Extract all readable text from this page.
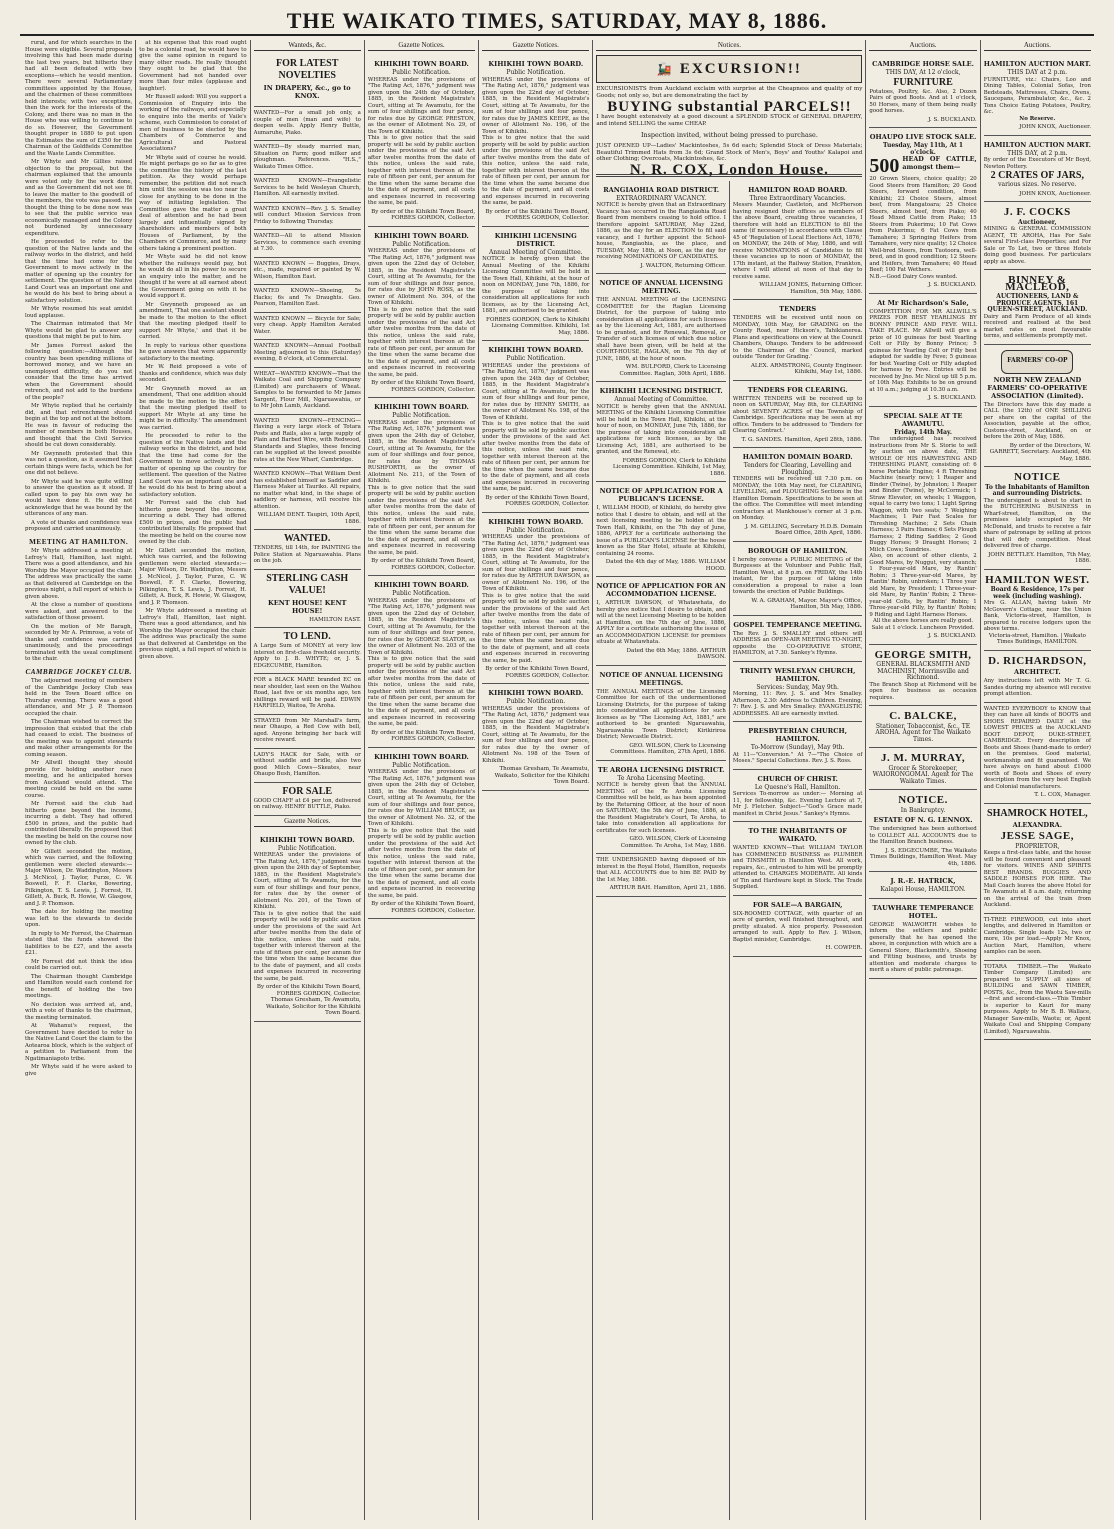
THE WAIKATO TIMES, SATURDAY, MAY 8, 1886.

rural, and for which searches in the House were eligible. Several proposals involving this had been made during the last two years, but hitherto they had all been defeated with two exceptions—which he would mention. There were several Parliamentary committees appointed by the House, and the chairmen of these committees held interests; with two exceptions, then the work for the interests of the Colony, and there was no man in the House who was willing to continue to do so. However, the Government thought proper in 1880 to put upon the Estimates the sum of £350 for the Chairman of the Goldfields Committee and the Waste Lands Committee.

Mr Whyte and Mr Gillies raised objection to the proposal, but the chairman explained that the amounts were voted only for the work done, and as the Government did not see fit to leave the matter to the goodwill of the members, the vote was passed. He thought the thing to be done now was to see that the public service was economically managed and the Colony not burdened by unnecessary expenditure.

He proceeded to refer to the question of the Native lands and the railway works in the district, and held that the time had come for the Government to move actively in the matter of opening up the country for settlement. The question of the Native Land Court was an important one and he would do his best to bring about a satisfactory solution.

Mr Whyte resumed his seat amidst loud applause.

The Chairman intimated that Mr Whyte would be glad to answer any questions that might be put to him.

Mr James Forrest asked the following question:—Although the country has been spending millions of borrowed money, and we have an unemployed difficulty, do you not consider that the time has arrived when the Government should retrench, and not add to the burdens of the people?

Mr Whyte replied that he certainly did, and that retrenchment should begin at the top and not at the bottom. He was in favour of reducing the number of members in both Houses, and thought that the Civil Service should be cut down considerably.

Mr Gwynneth protested that this was not a question, as it assumed that certain things were facts, which he for one did not believe.

Mr Whyte said he was quite willing to answer the question as it stood. If called upon to pay his own way he would have done it. He did not acknowledge that he was bound by the utterances of any man.

A vote of thanks and confidence was proposed and carried unanimously.

MEETING AT HAMILTON.

Mr Whyte addressed a meeting at Lefroy's Hall, Hamilton, last night. There was a good attendance, and his Worship the Mayor occupied the chair. The address was practically the same as that delivered at Cambridge on the previous night, a full report of which is given above.

At the close a number of questions were asked, and answered to the satisfaction of those present.

On the motion of Mr Baragh, seconded by Mr A. Primrose, a vote of thanks and confidence was carried unanimously, and the proceedings terminated with the usual compliment to the chair.

CAMBRIDGE JOCKEY CLUB.

The adjourned meeting of members of the Cambridge Jockey Club was held in the Town Board office on Thursday evening. There was a good attendance, and Mr J. P. Thomson occupied the chair.

The Chairman wished to correct the impression that existed that the club had ceased to exist. The business of the meeting was to appoint stewards and make other arrangements for the coming season.

Mr Allwill thought they should provide for holding another race meeting, and he anticipated horses from Auckland would attend. The meeting could be held on the same course.

Mr Forrest said the club had hitherto gone beyond the income, incurring a debt. They had offered £500 in prizes, and the public had contributed liberally. He proposed that the meeting be held on the course now owned by the club.

Mr Gillett seconded the motion, which was carried, and the following gentlemen were elected stewards:—Major Wilson, Dr. Waddington, Messrs J. McNicol, J. Taylor, Furze, C. W. Boswell, F. F. Clarke, Bowering, Pilkington, T. S. Lewis, J. Forrest, H. Gillett, A. Buck, R. Howie, W. Glasgow, and J. P. Thomson.

The date for holding the meeting was left to the stewards to decide upon.

In reply to Mr Forrest, the Chairman stated that the funds showed the liabilities to be £27, and the assets £21.

Mr Forrest did not think the idea could be carried out.

The Chairman thought Cambridge and Hamilton would each contend for the benefit of holding the two meetings.

No decision was arrived at, and, with a vote of thanks to the chairman, the meeting terminated.

At Wahanui's request, the Government have decided to refer to the Native Land Court the claim to the Aotearoa block, which is the subject of a petition to Parliament from the Ngatimaniapoto tribe.

Mr Whyte said if he were asked to give

at his expense that this road ought to be a colonial road, he would have to give the same opinion in regard to many other roads. He really thought they ought to be glad that the Government had not handed over more than four miles (applause and laughter).

Mr Russell asked: Will you support a Commission of Enquiry into the working of the railways, and especially to enquire into the merits of Vaile's scheme, such Commission to consist of men of business to be elected by the Chambers of Commerce and Agricultural and Pastoral Associations?

Mr Whyte said of course he would. He might perhaps go so far as to give the committee the history of the last petition. As they would perhaps remember, the petition did not reach him until the session was too near its close for anything to be done in the way of initiating legislation. The Committee gave the matter a great deal of attention and he had been largely and influentially signed by shareholders and members of both Houses of Parliament, by the Chambers of Commerce, and by many others taking a prominent position.

Mr Whyte said he did not know whether the railways would pay, but he would do all in his power to secure an enquiry into the matter, and he thought if he were at all earnest about the Government going on with it he would support it.

Mr Gwynneth proposed as an amendment, 'That one assistant should be made to the motion to the effect that the meeting pledged itself to support Mr Whyte,' and that it be carried.

In reply to various other questions he gave answers that were apparently satisfactory to the meeting.

Mr W. Reid proposed a vote of thanks and confidence, which was duly seconded.

Mr Gwynneth moved as an amendment, 'That one addition should be made to the motion to the effect that the meeting pledged itself to support Mr Whyte at any time he might be in difficulty.' The amendment was carried.

He proceeded to refer to the question of the Native lands and the railway works in the district, and held that the time had come for the Government to move actively in the matter of opening up the country for settlement. The question of the Native Land Court was an important one and he would do his best to bring about a satisfactory solution.

Mr Forrest said the club had hitherto gone beyond the income, incurring a debt. They had offered £500 in prizes, and the public had contributed liberally. He proposed that the meeting be held on the course now owned by the club.

Mr Gillett seconded the motion, which was carried, and the following gentlemen were elected stewards:—Major Wilson, Dr. Waddington, Messrs J. McNicol, J. Taylor, Furze, C. W. Boswell, F. F. Clarke, Bowering, Pilkington, T. S. Lewis, J. Forrest, H. Gillett, A. Buck, R. Howie, W. Glasgow, and J. P. Thomson.

Mr Whyte addressed a meeting at Lefroy's Hall, Hamilton, last night. There was a good attendance, and his Worship the Mayor occupied the chair. The address was practically the same as that delivered at Cambridge on the previous night, a full report of which is given above.

Wanteds, &c.
FOR LATEST NOVELTIES
IN DRAPERY, &c., go to KNOX.
WANTED—For a small job only, a couple of men (man and wife) to deepen wells. Apply Henry Buttle, Aumaruhe, Piako.
WANTED—By steady married man, Situation on Farm; good milker and ploughman. References. "H.S.," Waikato Times Office.
WANTED KNOWN—Evangelistic Services to be held Wesleyan Church, Hamilton. All earnestly invited.
WANTED KNOWN—Rev. J. S. Smalley will conduct Mission Services from Friday to following Thursday.
WANTED—All to attend Mission Services, to commence each evening at 7.30.
WANTED KNOWN — Buggies, Drays, etc., made, repaired or painted by W. Wilson, Hamilton East.
WANTED KNOWN—Shoeing, 5s Hacks; 6s and 7s Draughts. Geo. Pearson, Hamilton East.
WANTED KNOWN — Bicycle for Sale; very cheap. Apply Hamilton Aerated Water.
WANTED KNOWN—Annual Football Meeting adjourned to this (Saturday) evening, 8 o'clock, at Commercial.
WHEAT—WANTED KNOWN—That the Waikato Coal and Shipping Company (Limited) are purchasers of Wheat. Samples to be forwarded to Mr James Sargent, Flour Mill, Ngaruawahia, or to Mr John Lamb, Auckland.
WANTED KNOWN—FENCING—Having a very large stock of Totara Posts and Rails, also a large supply of Plain and Barbed Wire, with Redwood, Standards and Staples, these fencing can be supplied at the lowest possible rates at the New Wharf, Cambridge.
WANTED KNOWN—That William Dent has established himself as Saddler and Harness Maker at Tauriko. All repairs, no matter what kind, in the shape of saddlery or harness, will receive his attention.
WILLIAM DENT. Taupiri, 10th April, 1886.
WANTED.
TENDERS, till 14th, for PAINTING the Police Station at Ngaruawahia. Plans on the job.
STERLING CASH VALUE!
KENT HOUSE! KENT HOUSE!
HAMILTON EAST.
TO LEND.
A Large Sum of MONEY at very low interest on first-class freehold security. Apply to J. B. WHYTE; or, J. S. EDGECUMBE, Hamilton.
FOR a BLACK MARE branded EC on near shoulder, last seen on the Waihou Road, last five or six months ago, ten shillings reward will be paid. EDWIN HARFIELD, Waitoa, Te Aroha.
STRAYED from Mr Marshall's farm, near Ohaupo, a Red Cow with bell, aged. Anyone bringing her back will receive reward.
LADY'S HACK for Sale, with or without saddle and bridle, also two good Milch Cows—Skeates, near Ohaupo Bush, Hamilton.
FOR SALE
GOOD CHAFF at £4 per ton, delivered on railway. HENRY BUTTLE, Piako.
Gazette Notices.
KIHIKIHI TOWN BOARD.
Public Notification.
WHEREAS under the provisions of "The Rating Act, 1876," judgment was given upon the 24th day of September, 1885, in the Resident Magistrate's Court, sitting at Te Awamutu, for the sum of four shillings and four pence, for rates due by the owner of allotment No. 201, of the Town of Kihikihi.
This is to give notice that the said property will be sold by public auction under the provisions of the said Act after twelve months from the date of this notice, unless the said rate, together with interest thereon at the rate of fifteen per cent, per annum for the time when the same became due to the date of payment, and all costs and expenses incurred in recovering the same, be paid.
By order of the Kihikihi Town Board, FORBES GORDON, Collector. Thomas Gresham, Te Awamutu, Waikato, Solicitor for the Kihikihi Town Board.
Gazette Notices.
KIHIKIHI TOWN BOARD.
Public Notification.
WHEREAS under the provisions of "The Rating Act, 1876," judgment was given upon the 24th day of October, 1885, in the Resident Magistrate's Court, sitting at Te Awamutu, for the sum of four shillings and four pence, for rates due by GEORGE PRESTON, as the owner of Allotment No. 29, of the Town of Kihikihi.
This is to give notice that the said property will be sold by public auction under the provisions of the said Act after twelve months from the date of this notice, unless the said rate, together with interest thereon at the rate of fifteen per cent, per annum for the time when the same became due to the date of payment, and all costs and expenses incurred in recovering the same, be paid.
By order of the Kihikihi Town Board, FORBES GORDON, Collector.
KIHIKIHI TOWN BOARD.
Public Notification.
WHEREAS under the provisions of "The Rating Act, 1876," judgment was given upon the 22nd day of October, 1885, in the Resident Magistrate's Court, sitting at Te Awamutu, for the sum of four shillings and four pence, for rates due by JOHN ROSS, as the owner of Allotment No. 304, of the Town of Kihikihi.
This is to give notice that the said property will be sold by public auction under the provisions of the said Act after twelve months from the date of this notice, unless the said rate, together with interest thereon at the rate of fifteen per cent, per annum for the time when the same became due to the date of payment, and all costs and expenses incurred in recovering the same, be paid.
By order of the Kihikihi Town Board, FORBES GORDON, Collector.
KIHIKIHI TOWN BOARD.
Public Notification.
WHEREAS under the provisions of "The Rating Act, 1876," judgment was given upon the 24th day of October, 1885, in the Resident Magistrate's Court, sitting at Te Awamutu, for the sum of four shillings and four pence, for rates due by THOMAS RUSHFORTH, as the owner of Allotment No. 211, of the Town of Kihikihi.
This is to give notice that the said property will be sold by public auction under the provisions of the said Act after twelve months from the date of this notice, unless the said rate, together with interest thereon at the rate of fifteen per cent, per annum for the time when the same became due to the date of payment, and all costs and expenses incurred in recovering the same, be paid.
By order of the Kihikihi Town Board, FORBES GORDON, Collector.
KIHIKIHI TOWN BOARD.
Public Notification.
WHEREAS under the provisions of "The Rating Act, 1876," judgment was given upon the 22nd day of October, 1885, in the Resident Magistrate's Court, sitting at Te Awamutu, for the sum of four shillings and four pence, for rates due by GEORGE SLATOR, as the owner of Allotment No. 203 of the Town of Kihikihi.
This is to give notice that the said property will be sold by public auction under the provisions of the said Act after twelve months from the date of this notice, unless the said rate, together with interest thereon at the rate of fifteen per cent, per annum for the time when the same became due to the date of payment, and all costs and expenses incurred in recovering the same, be paid.
By order of the Kihikihi Town Board, FORBES GORDON, Collector.
KIHIKIHI TOWN BOARD.
Public Notification.
WHEREAS under the provisions of "The Rating Act, 1876," judgment was given upon the 24th day of October, 1885, in the Resident Magistrate's Court, sitting at Te Awamutu, for the sum of four shillings and four pence, for rates due by WILLIAM BRUCE, as the owner of Allotment No. 32, of the Town of Kihikihi.
This is to give notice that the said property will be sold by public auction under the provisions of the said Act after twelve months from the date of this notice, unless the said rate, together with interest thereon at the rate of fifteen per cent, per annum for the time when the same became due to the date of payment, and all costs and expenses incurred in recovering the same, be paid.
By order of the Kihikihi Town Board, FORBES GORDON, Collector.
Gazette Notices.
KIHIKIHI TOWN BOARD.
Public Notification.
WHEREAS under the provisions of "The Rating Act, 1876," judgment was given upon the 22nd day of October, 1885, in the Resident Magistrate's Court, sitting at Te Awamutu, for the sum of four shillings and four pence, for rates due by JAMES KEEPE, as the owner of Allotment No. 196, of the Town of Kihikihi.
This is to give notice that the said property will be sold by public auction under the provisions of the said Act after twelve months from the date of this notice, unless the said rate, together with interest thereon at the rate of fifteen per cent, per annum for the time when the same became due to the date of payment, and all costs and expenses incurred in recovering the same, be paid.
By order of the Kihikihi Town Board, FORBES GORDON, Collector.
KIHIKIHI LICENSING DISTRICT.
Annual Meeting of Committee.
NOTICE is hereby given that the Annual Meeting of the Kihikihi Licensing Committee will be held in the Town Hall, Kihikihi, at the hour of noon on MONDAY, June 7th, 1886, for the purpose of taking into consideration all applications for such licenses, as by the Licensing Act, 1881, are authorised to be granted.
FORBES GORDON, Clerk to Kihikihi Licensing Committee. Kihikihi, 1st May, 1886.
KIHIKIHI TOWN BOARD.
Public Notification.
WHEREAS under the provisions of "The Rating Act, 1876," judgment was given upon the 24th day of October, 1885, in the Resident Magistrate's Court, sitting at Te Awamutu, for the sum of four shillings and four pence, for rates due by HENRY SMITH, as the owner of Allotment No. 198, of the Town of Kihikihi.
This is to give notice that the said property will be sold by public auction under the provisions of the said Act after twelve months from the date of this notice, unless the said rate, together with interest thereon at the rate of fifteen per cent, per annum for the time when the same became due to the date of payment, and all costs and expenses incurred in recovering the same, be paid.
By order of the Kihikihi Town Board, FORBES GORDON, Collector.
KIHIKIHI TOWN BOARD.
Public Notification.
WHEREAS under the provisions of "The Rating Act, 1876," judgment was given upon the 22nd day of October, 1885, in the Resident Magistrate's Court, sitting at Te Awamutu, for the sum of four shillings and four pence, for rates due by ARTHUR DAWSON, as owner of Allotment No. 196, of the Town of Kihikihi.
This is to give notice that the said property will be sold by public auction under the provisions of the said Act after twelve months from the date of this notice, unless the said rate, together with interest thereon at the rate of fifteen per cent, per annum for the time when the same became due to the date of payment, and all costs and expenses incurred in recovering the same, be paid.
By order of the Kihikihi Town Board, FORBES GORDON, Collector.
KIHIKIHI TOWN BOARD.
Public Notification.
WHEREAS under the provisions of "The Rating Act, 1876," judgment was given upon the 22nd day of October, 1885, in the Resident Magistrate's Court, sitting at Te Awamutu, for the sum of four shillings and four pence, for rates due by the owner of Allotment No. 198 of the Town of Kihikihi.
Thomas Gresham, Te Awamutu, Waikato, Solicitor for the Kihikihi Town Board.
Notices.
🚂 EXCURSION!!
EXCURSIONISTS from Auckland exclaim with surprise at the Cheapness and quality of my Goods; not only so, but are demonstrating the fact by
BUYING substantial PARCELS!!
I have bought extensively at a good discount a SPLENDID STOCK of GENERAL DRAPERY, and intend SELLING the same CHEAP.
Inspection invited, without being pressed to purchase.
JUST OPENED UP—Ladies' Mackintoshes, 5s 6d each; Splendid Stock of Dress Materials; Beautiful Trimmed Hats from 3s 6d; Grand Stock of Men's, Boys' and Youths' Kalapoi and other Clothing; Overcoats, Mackintoshes, &c.
N. R. COX, London House.
RANGIAOHIA ROAD DISTRICT.
EXTRAORDINARY VACANCY.
NOTICE is hereby given that an Extraordinary Vacancy has occurred in the Rangiaohia Road Board from members ceasing to hold office. I therefore appoint SATURDAY, May 22nd, 1886, as the day for an ELECTION to fill said vacancy, and I further appoint the School-house, Rangiaohia, as the place, and TUESDAY, May 18th, at Noon, as the day for receiving NOMINATIONS OF CANDIDATES.
J. WALTON, Returning Officer.
NOTICE OF ANNUAL LICENSING MEETING.
THE ANNUAL MEETING of the LICENSING COMMITTEE for the Raglan Licensing District, for the purpose of taking into consideration all applications for such licenses as by the Licensing Act, 1881, are authorised to be granted, and for Renewal, Removal, or Transfer of such licenses of which due notice shall have been given, will be held at the COURT-HOUSE, RAGLAN, on the 7th day of JUNE, 1886, at the hour of noon.
WM. BULFORD, Clerk to Licensing Committee. Raglan, 30th April, 1886.
KIHIKIHI LICENSING DISTRICT.
Annual Meeting of Committee.
NOTICE is hereby given that the ANNUAL MEETING of the Kihikihi Licensing Committee will be held in the Town Hall, Kihikihi, at the hour of noon, on MONDAY, June 7th, 1886, for the purpose of taking into consideration all applications for such licenses, as by the Licensing Act, 1881, are authorised to be granted, and the Renewal, etc.
FORBES GORDON, Clerk to Kihikihi Licensing Committee. Kihikihi, 1st May, 1886.
NOTICE OF APPLICATION FOR A PUBLICAN'S LICENSE.
I, WILLIAM HOOD, of Kihikihi, do hereby give notice that I desire to obtain, and will at the next licensing meeting to be holden at the Town Hall, Kihikihi, on the 7th day of June, 1886, APPLY for a certificate authorising the issue of a PUBLICAN'S LICENSE for the house known as the Star Hotel, situate at Kihikihi, containing 24 rooms.
Dated the 4th day of May, 1886. WILLIAM HOOD.
NOTICE OF APPLICATION FOR AN ACCOMMODATION LICENSE.
I, ARTHUR DAWSON, of Whatawhata, do hereby give notice that I desire to obtain, and will at the next Licensing Meeting to be holden at Hamilton, on the 7th day of June, 1886, APPLY for a certificate authorising the issue of an ACCOMMODATION LICENSE for premises situate at Whatawhata.
Dated the 6th May, 1886. ARTHUR DAWSON.
NOTICE OF ANNUAL LICENSING MEETINGS.
THE ANNUAL MEETINGS of the Licensing Committee for each of the undermentioned Licensing Districts, for the purpose of taking into consideration all applications for such licenses as by "The Licensing Act, 1881," are authorised to be granted: Ngaruawahia, Ngaruawahia Town District; Kirikiriroa District; Newcastle District.
GEO. WILSON, Clerk to Licensing Committees. Hamilton, 27th April, 1886.
TE AROHA LICENSING DISTRICT.
Te Aroha Licensing Meeting.
NOTICE is hereby given that the ANNUAL MEETING of the Te Aroha Licensing Committee will be held, as has been appointed by the Returning Officer, at the hour of noon on SATURDAY, the 5th day of June, 1886, at the Resident Magistrate's Court, Te Aroha, to take into consideration all applications for certificates for such licenses.
GEO. WILSON, Clerk of Licensing Committee. Te Aroha, 1st May, 1886.
THE UNDERSIGNED having disposed of his interest in the Royal Hotel, Hamilton, requests that ALL ACCOUNTS due to him BE PAID by the 1st May, 1886.
ARTHUR BAH. Hamilton, April 21, 1886.
HAMILTON ROAD BOARD.
Three Extraordinary Vacancies.
Messrs Maunder, Castleton, and McPherson having resigned their offices as members of the above Board, creating three vacancies, I therefore will hold an ELECTION to fill the same (if necessary) in accordance with Clause 45 of 'Regulation of Local Elections Act, 1876,' on MONDAY, the 24th of May, 1886, and will receive NOMINATIONS of Candidates to fill these vacancies up to noon of MONDAY, the 17th instant, at the Railway Station, Frankton, where I will attend at noon of that day to receive same.
WILLIAM JONES, Returning Officer. Hamilton, 5th May, 1886.
TENDERS
TENDERS will be received until noon on MONDAY, 10th May, for GRADING on the County Road, near Hickson's, Tahikianerea. Plans and specifications on view at the Council Chambers, Ohaupo. Tenders to be addressed to the Chairman of the Council, marked outside 'Tender for Grading.'
ALEX. ARMSTRONG, County Engineer. Kihikihi, May 1st, 1886.
TENDERS FOR CLEARING.
WRITTEN TENDERS will be received up to noon on SATURDAY, May 8th, for CLEARING about SEVENTY ACRES of the Township of Cambridge. Specifications may be seen at my office. Tenders to be addressed to 'Tenders for Clearing Contract.'
T. G. SANDES. Hamilton, April 28th, 1886.
HAMILTON DOMAIN BOARD.
Tenders for Clearing, Levelling and Ploughing.
TENDERS will be received till 7.30 p.m. on MONDAY, the 10th May next, for CLEARING, LEVELLING, and PLOUGHING Sections in the Hamilton Domain. Specifications to be seen at the office. The Committee will meet intending contractors at Mankhouse's corner at 3 p.m. on Monday.
J. M. GELLING, Secretary H.D.B. Domain Board Office, 28th April, 1886.
BOROUGH OF HAMILTON.
I hereby convene a PUBLIC MEETING of the Burgesses at the Volunteer and Public Hall, Hamilton West, at 8 p.m. on FRIDAY, the 14th instant, for the purpose of taking into consideration a proposal to raise a loan towards the erection of Public Buildings.
W. A. GRAHAM, Mayor. Mayor's Office, Hamilton, 5th May, 1886.
GOSPEL TEMPERANCE MEETING.
The Rev. J. S. SMALLEY and others will ADDRESS an OPEN-AIR MEETING TO-NIGHT, opposite the CO-OPERATIVE STORE, HAMILTON, at 7.30. Sankey's Hymns.
TRINITY WESLEYAN CHURCH, HAMILTON.
Services: Sunday, May 9th.
Morning, 11: Rev. J. S. and Mrs Smalley. Afternoon, 2.30: Address to Children. Evening, 7: Rev. J. S. and Mrs Smalley. EVANGELISTIC ADDRESSES. All are earnestly invited.
PRESBYTERIAN CHURCH, HAMILTON.
To-Morrow (Sunday), May 9th.
At 11—"Conversion." At 7—"The Choice of Moses." Special Collections. Rev. J. S. Ross.
CHURCH OF CHRIST.
Le Quesne's Hall, Hamilton.
Services To-morrow as under:— Morning at 11, for fellowship, &c. Evening Lecture at 7, Mr J. Fletcher. Subject—"God's Grace made manifest in Christ Jesus." Sankey's Hymns.
TO THE INHABITANTS OF WAIKATO.
WANTED KNOWN—That WILLIAM TAYLOR has COMMENCED BUSINESS as PLUMBER and TINSMITH in Hamilton West. All work, repairs, &c., entrusted to him will be promptly attended to. CHARGES MODERATE. All kinds of Tin and Hardware kept in Stock. The Trade Supplied.
FOR SALE—A BARGAIN,
SIX-ROOMED COTTAGE, with quarter of an acre of garden, well finished throughout, and pretty situated. A nice property. Possession arranged to suit. Apply to Rev. J. Wilson, Baptist minister, Cambridge.
H. COWPER.
Auctions.
CAMBRIDGE HORSE SALE.
THIS DAY, At 12 o'clock,
FURNITURE
Potatoes, Poultry, &c. Also, 2 Dozen Pairs of good Boots. And at 1 o'clock, 50 Horses, many of them being really good horses.
J. S. BUCKLAND.
OHAUPO LIVE STOCK SALE.
Tuesday, May 11th, At 1 o'clock.
500 HEAD OF CATTLE, amongst them—
20 Grown Steers, choice quality; 20 Good Steers from Hamilton; 20 Good Steers, forward condition, from Kihikihi; 23 Choice Steers, almost beef, from Mangatoara; 25 Choice Steers, almost beef, from Piako; 40 Head Mixed Cattle from Piako; 15 Steers from Pukerimu; 10 Fat Cows from Pukerimu; 6 Fat Cows from Tamahere; 3 Springing Heifers from Tamahere, very nice quality; 12 Choice Well-bred Steers, from Tuotoora, well-bred, and in good condition; 12 Steers and Heifers, from Tamahere; 40 Head Beef; 100 Fat Wethers.
N.B.—Good Dairy Cows wanted.
J. S. BUCKLAND.
At Mr Richardson's Sale,
COMPETITION FOR MR ALLWILL'S PRIZES FOR BEST YEARLINGS BY BONNY PRINCE AND FEVE WILL TAKE PLACE. Mr Allwill will give a prize of 10 guineas for best Yearling Colt or Filly by Bonny Prince; 5 guineas for Yearling Colt or Filly best adapted for saddle by Feve; 5 guineas for best Yearling Colt or Filly adapted for harness by Feve. Entries will be received by Jno. Mc Nicol up till 5 p.m. of 10th May. Exhibits to be on ground at 10 a.m.; judging at 10.30 a.m.
J. S. BUCKLAND.
SPECIAL SALE AT TE AWAMUTU.
Friday, 14th May.
The undersigned has received instructions from Mr S. Storie to sell by auction on above date, THE WHOLE OF HIS HARVESTING AND THRESHING PLANT, consisting of: 6 horse Portable Engine; 4 ft Threshing Machine (nearly new); 1 Reaper and Binder (Twine), by Johnston; 1 Reaper and Binder (Twine), by McCormick; 1 Straw Elevator, on wheels; 1 Waggon, equal to carry two tons; 1 Light Spring Waggon, with two seats; 7 Weighing Machines; 1 Pair Fast Scales for Threshing Machine; 2 Sets Chain Harness; 3 Pairs Hames; 6 Sets Plough Harness; 2 Riding Saddles; 2 Good Buggy Horses; 9 Draught Horses; 2 Milch Cows; Sundries.
Also, on account of other clients, 2 Good Mares, by Nuggut, very staunch; 1 Four-year-old Mare, by Rantin' Robin; 3 Three-year-old Mares, by Rantin' Robin, unbroken; 1 Three year old Mare, by President; 1 Three-year-old Mare, by Rantin' Robin; 2 Three-year-old Colts, by Rantin' Robin; 1 Three-year-old Filly, by Rantin' Robin; 9 Riding and Light Harness Horses.
All the above horses are really good. Sale at 1 o'clock. Luncheon Provided.
J. S. BUCKLAND.
GEORGE SMITH,
GENERAL BLACKSMITH AND MACHINIST, Morrinsville and Richmond.
The Branch Shop at Richmond will be open for business as occasion requires.
C. BALCKE,
Stationer, Tobacconist, &c., TE AROHA. Agent for The Waikato Times.
J. M. MURRAY,
Grocer & Storekeeper, WAIORONGOMAI. Agent for The Waikato Times.
NOTICE.
In Bankruptcy.
ESTATE OF N. G. LENNOX.
The undersigned has been authorised to COLLECT ALL ACCOUNTS due to the Hamilton Branch business.
J. S. EDGECUMBE, The Waikato Times Buildings, Hamilton West. May 4th, 1886.
J. R.-E. HATRICK,
Kalapoi House, HAMILTON.
TAUWHARE TEMPERANCE HOTEL.
GEORGE WALWORTH wishes to inform the settlers and public generally that he has opened the above, in conjunction with which are a General Store, Blacksmith's, Shoeing and Fitting business, and trusts by attention and moderate charges to merit a share of public patronage.
Auctions.
HAMILTON AUCTION MART.
THIS DAY at 2 p.m.
FURNITURE, viz.: Chairs, Loo and Dining Tables, Colonial Sofas, Iron Bedsteads, Mattresses, Chairs, Ovens, Saucepans, Perambulator, &c., &c. 2 Tons Choice Eating Potatoes, Poultry, &c.
No Reserve.
JOHN KNOX, Auctioneer.
HAMILTON AUCTION MART.
THIS DAY, at 2 p.m.
By order of the Executors of Mr Boyd, Newton Pottery.
2 CRATES OF JARS,
various sizes. No reserve.
JOHN KNOX, Auctioneer.
J. F. COCKS
Auctioneer,
MINING & GENERAL COMMISSION AGENT, TE AROHA, Has For Sale several First-class Properties; and For Sale or To Let, two or three Hotels doing good business. For particulars apply as above.
BINNEY & MACLEOD,
AUCTIONEERS, LAND & PRODUCE AGENTS, 161 QUEEN-STREET, AUCKLAND.
Dairy and Farm Produce of all kinds received and realised at the best market rates on most favourable terms, and settlements promptly met.
FARMERS' CO-OP
NORTH NEW ZEALAND FARMERS' CO-OPERATIVE ASSOCIATION (Limited).
The Directors have this day made a CALL (the 12th) of ONE SHILLING per share on the capital of the Association, payable at the office, Customs-street, Auckland, on or before the 26th of May, 1886.
By order of the Directors, W. GARRETT, Secretary. Auckland, 4th May, 1886.
NOTICE
To the Inhabitants of Hamilton and surrounding Districts.
The undersigned is about to start in the BUTCHERING BUSINESS in Wharf-street, Hamilton, on the premises lately occupied by Mr McDonald, and trusts to receive a fair share of patronage by selling at prices that will defy competition. Meat delivered free of charge.
JOHN BETTLEY. Hamilton, 7th May, 1886.
HAMILTON WEST.
Board & Residence, 17s per week (including washing).
Mrs G. ALLAN, having taken Mr McGovern's Cottage, near the Union Bank, Victoria-street, Hamilton, is prepared to receive lodgers upon the above terms.
Victoria-street, Hamilton. | Waikato Times Buildings, HAMILTON.
D. RICHARDSON,
ARCHITECT.
Any instructions left with Mr T. G. Sandes during my absence will receive prompt attention.
WANTED EVERYBODY to KNOW that they can have all kinds of BOOTS and SHOES REPAIRED DAILY at the LOWEST PRICES at the AUCKLAND BOOT DEPOT, DUKE-STREET, CAMBRIDGE. Every description of Boots and Shoes (hand-made to order) on the premises. Good material, workmanship and fit guaranteed. We have always on hand about £1000 worth of Boots and Shoes of every description from the very best English and Colonial manufacturers.
T. L. COX, Manager.
SHAMROCK HOTEL,
ALEXANDRA.
JESSE SAGE,
PROPRIETOR,
Keeps a first-class table, and the house will be found convenient and pleasant for visitors. WINES AND SPIRITS BEST BRANDS. BUGGIES AND SADDLE HORSES FOR HIRE. The Mail Coach leaves the above Hotel for Te Awamutu at 8 a.m. daily, returning on the arrival of the train from Auckland.
TI-TREE FIREWOOD, cut into short lengths, and delivered in Hamilton or Cambridge. Single loads 12s, two or more, 10s per load.—Apply Mr Knox, Auction Mart, Hamilton, where samples can be seen.
TOTARA TIMBER.—The Waikato Timber Company (Limited) are prepared to SUPPLY all sizes of BUILDING and SAWN TIMBER, POSTS, &c., from the Waotu Saw-mills—first and second-class.—This Timber is superior to Kauri for many purposes. Apply to Mr B. B. Wallace, Manager Saw-mills, Waotu; or, Agent Waikato Coal and Shipping Company (Limited), Ngaruawahia.
